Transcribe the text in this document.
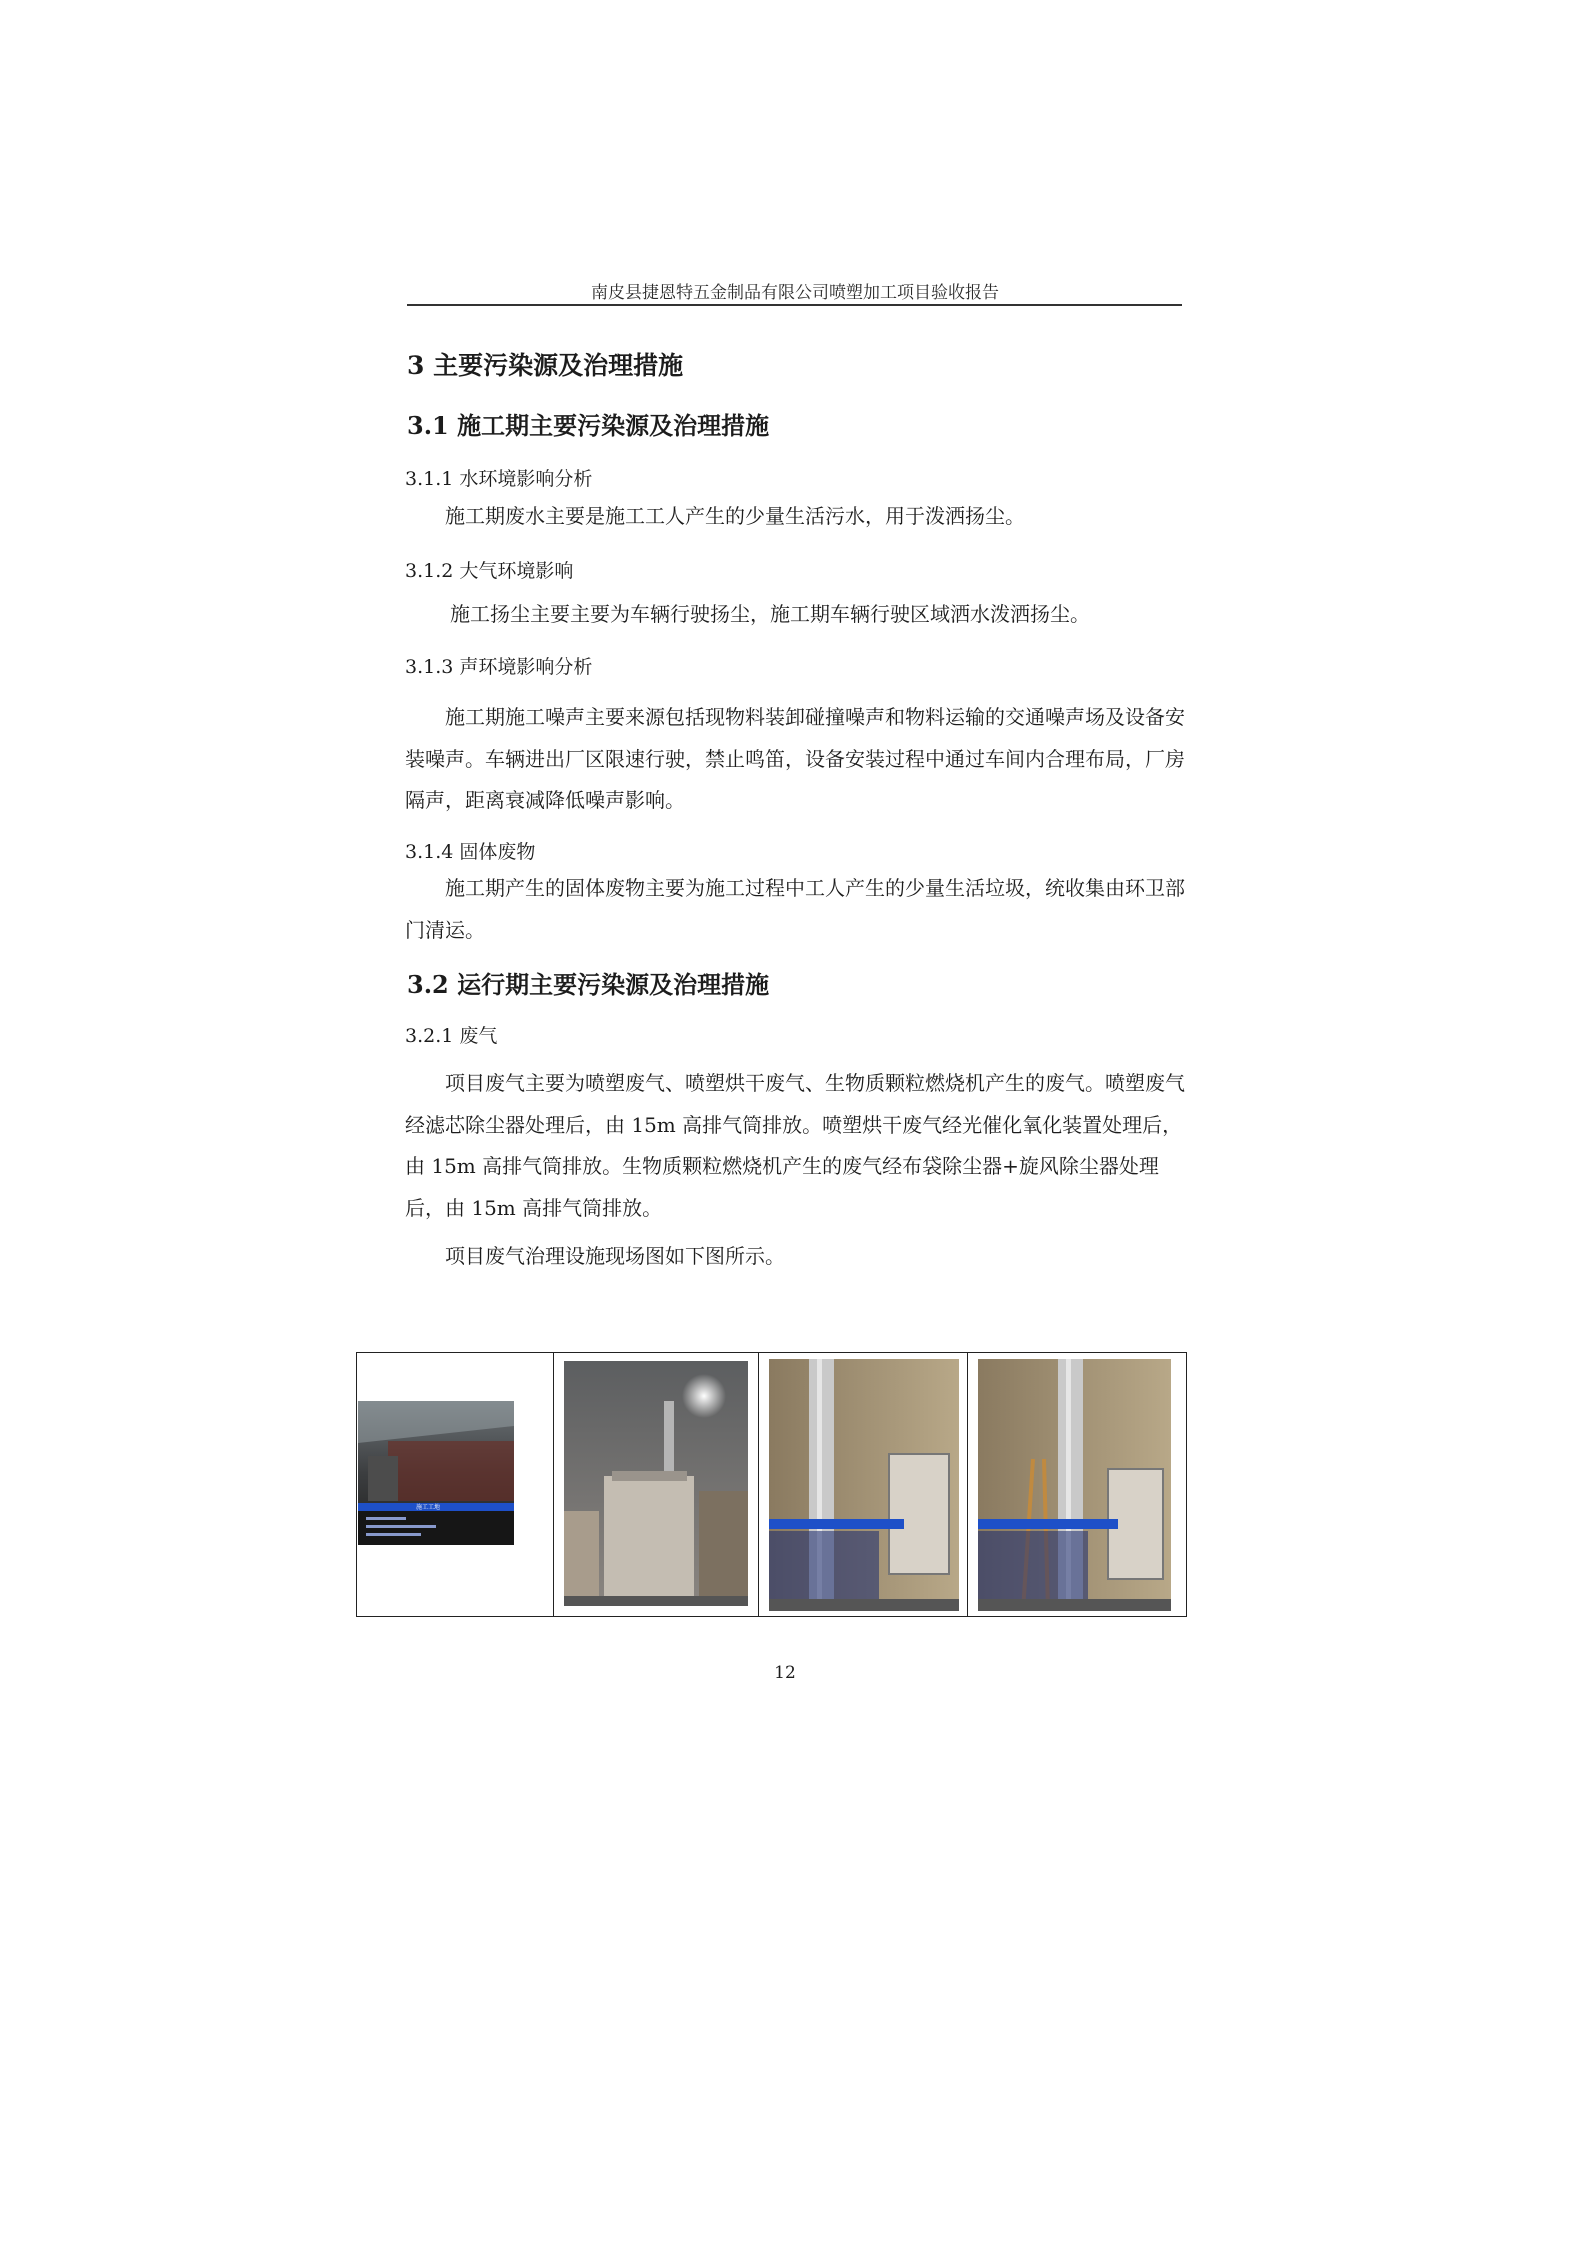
南皮县捷恩特五金制品有限公司喷塑加工项目验收报告
3 主要污染源及治理措施
3.1 施工期主要污染源及治理措施
3.1.1 水环境影响分析
施工期废水主要是施工工人产生的少量生活污水，用于泼洒扬尘。
3.1.2 大气环境影响
施工扬尘主要主要为车辆行驶扬尘，施工期车辆行驶区域洒水泼洒扬尘。
3.1.3 声环境影响分析
施工期施工噪声主要来源包括现物料装卸碰撞噪声和物料运输的交通噪声场及设备安装噪声。车辆进出厂区限速行驶，禁止鸣笛，设备安装过程中通过车间内合理布局，厂房隔声，距离衰减降低噪声影响。
3.1.4 固体废物
施工期产生的固体废物主要为施工过程中工人产生的少量生活垃圾，统收集由环卫部门清运。
3.2 运行期主要污染源及治理措施
3.2.1 废气
项目废气主要为喷塑废气、喷塑烘干废气、生物质颗粒燃烧机产生的废气。喷塑废气经滤芯除尘器处理后，由 15m 高排气筒排放。喷塑烘干废气经光催化氧化装置处理后，由 15m 高排气筒排放。生物质颗粒燃烧机产生的废气经布袋除尘器+旋风除尘器处理后，由 15m 高排气筒排放。
项目废气治理设施现场图如下图所示。
施工工地
12
